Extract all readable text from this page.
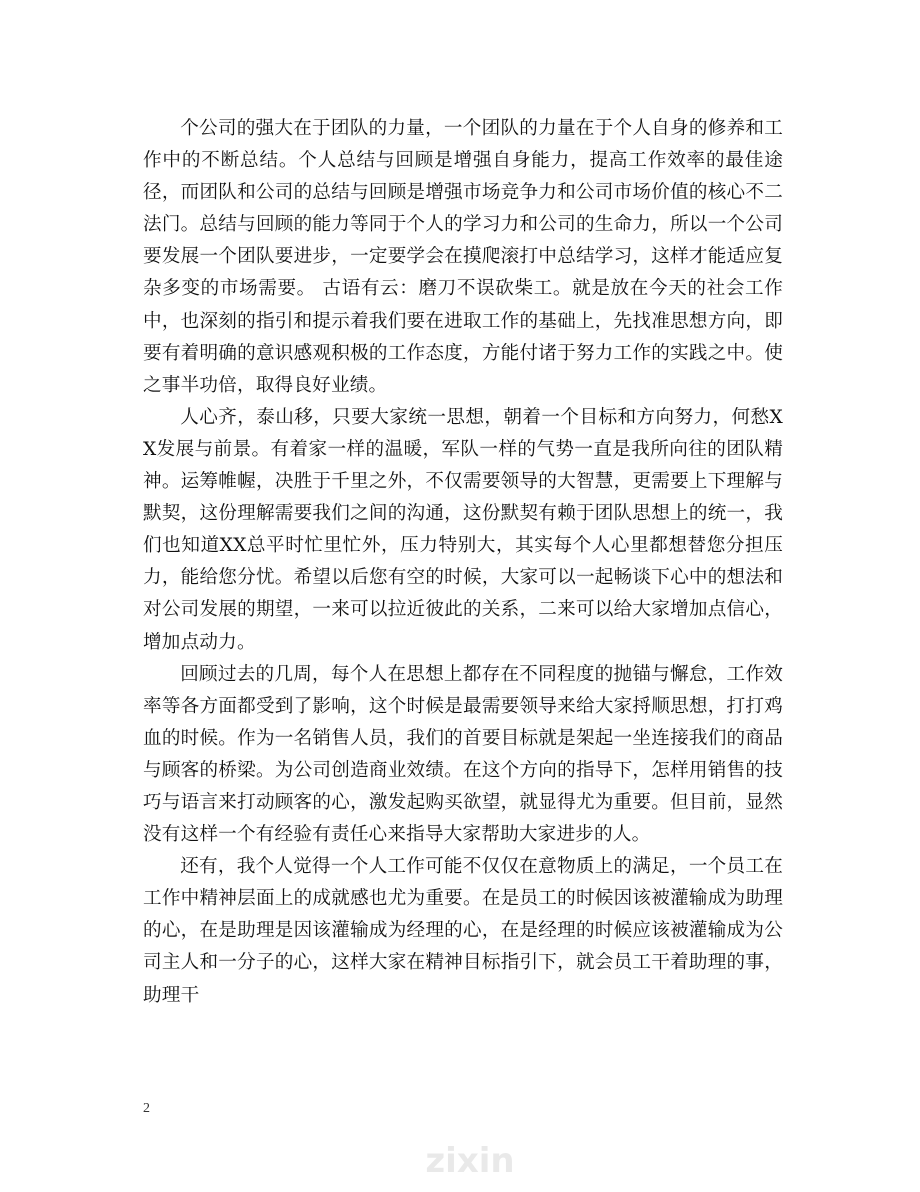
个公司的强大在于团队的力量，一个团队的力量在于个人自身的修养和工作中的不断总结。个人总结与回顾是增强自身能力，提高工作效率的最佳途径，而团队和公司的总结与回顾是增强市场竞争力和公司市场价值的核心不二法门。总结与回顾的能力等同于个人的学习力和公司的生命力，所以一个公司要发展一个团队要进步，一定要学会在摸爬滚打中总结学习，这样才能适应复杂多变的市场需要。 古语有云：磨刀不误砍柴工。就是放在今天的社会工作中，也深刻的指引和提示着我们要在进取工作的基础上，先找准思想方向，即要有着明确的意识感观积极的工作态度，方能付诸于努力工作的实践之中。使之事半功倍，取得良好业绩。

人心齐，泰山移，只要大家统一思想，朝着一个目标和方向努力，何愁XX发展与前景。有着家一样的温暖，军队一样的气势一直是我所向往的团队精神。运筹帷幄，决胜于千里之外，不仅需要领导的大智慧，更需要上下理解与默契，这份理解需要我们之间的沟通，这份默契有赖于团队思想上的统一，我们也知道XX总平时忙里忙外，压力特别大，其实每个人心里都想替您分担压力，能给您分忧。希望以后您有空的时候，大家可以一起畅谈下心中的想法和对公司发展的期望，一来可以拉近彼此的关系，二来可以给大家增加点信心，增加点动力。

回顾过去的几周，每个人在思想上都存在不同程度的抛锚与懈怠，工作效率等各方面都受到了影响，这个时候是最需要领导来给大家捋顺思想，打打鸡血的时候。作为一名销售人员，我们的首要目标就是架起一坐连接我们的商品与顾客的桥梁。为公司创造商业效绩。在这个方向的指导下，怎样用销售的技巧与语言来打动顾客的心，激发起购买欲望，就显得尤为重要。但目前，显然没有这样一个有经验有责任心来指导大家帮助大家进步的人。

还有，我个人觉得一个人工作可能不仅仅在意物质上的满足，一个员工在工作中精神层面上的成就感也尤为重要。在是员工的时候因该被灌输成为助理的心，在是助理是因该灌输成为经理的心，在是经理的时候应该被灌输成为公司主人和一分子的心，这样大家在精神目标指引下，就会员工干着助理的事，助理干

2
zixin
